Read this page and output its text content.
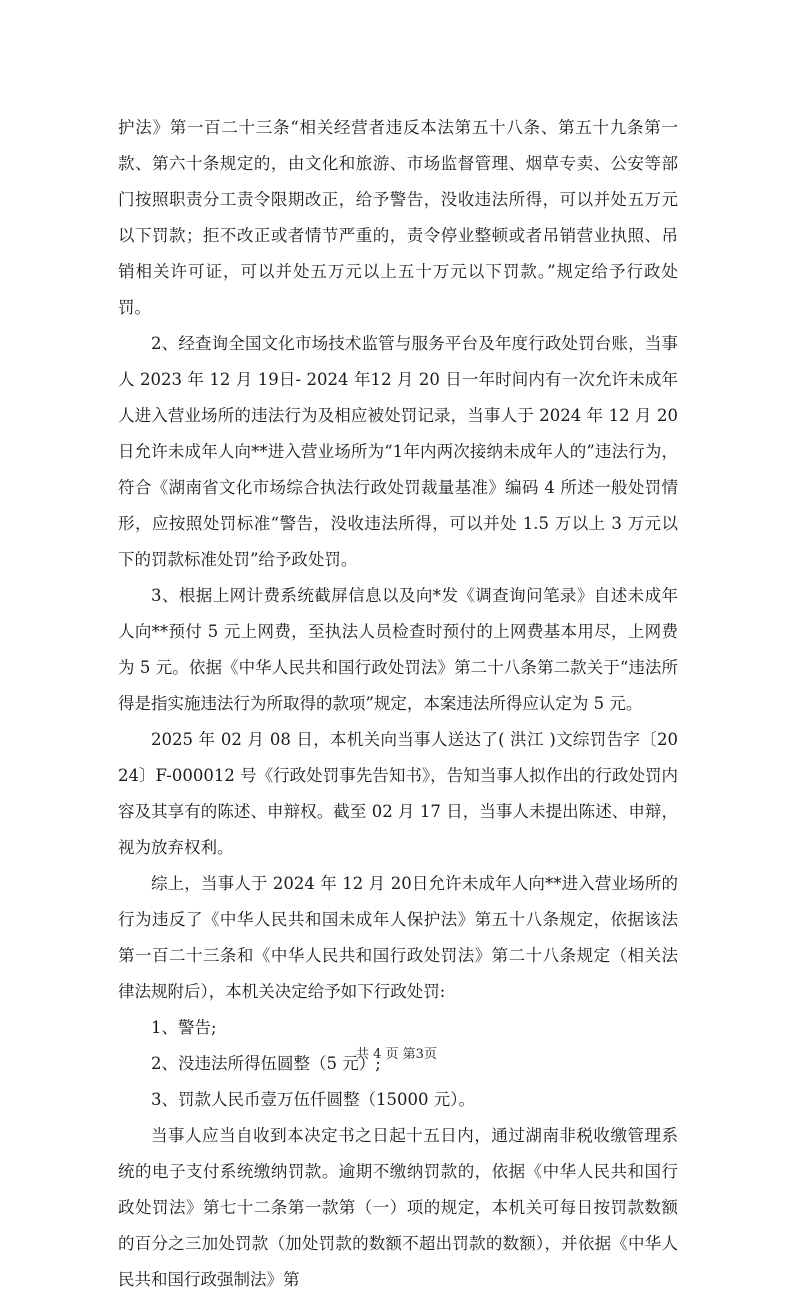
护法》第一百二十三条“相关经营者违反本法第五十八条、第五十九条第一款、第六十条规定的，由文化和旅游、市场监督管理、烟草专卖、公安等部门按照职责分工责令限期改正，给予警告，没收违法所得，可以并处五万元以下罚款；拒不改正或者情节严重的，责令停业整顿或者吊销营业执照、吊销相关许可证，可以并处五万元以上五十万元以下罚款。”规定给予行政处罚。

2、经查询全国文化市场技术监管与服务平台及年度行政处罚台账，当事人 2023 年 12 月 19日- 2024 年12 月 20 日一年时间内有一次允许未成年人进入营业场所的违法行为及相应被处罚记录，当事人于 2024 年 12 月 20 日允许未成年人向**进入营业场所为“1年内两次接纳未成年人的”违法行为，符合《湖南省文化市场综合执法行政处罚裁量基准》编码 4 所述一般处罚情形，应按照处罚标准“警告，没收违法所得，可以并处 1.5 万以上 3 万元以下的罚款标准处罚”给予政处罚。

3、根据上网计费系统截屏信息以及向*发《调查询问笔录》自述未成年人向**预付 5 元上网费，至执法人员检查时预付的上网费基本用尽，上网费为 5 元。依据《中华人民共和国行政处罚法》第二十八条第二款关于“违法所得是指实施违法行为所取得的款项”规定，本案违法所得应认定为 5 元。

2025 年 02 月 08 日，本机关向当事人送达了( 洪江 )文综罚告字〔2024〕F-000012 号《行政处罚事先告知书》，告知当事人拟作出的行政处罚内容及其享有的陈述、申辩权。截至 02 月 17 日，当事人未提出陈述、申辩，视为放弃权利。

综上，当事人于 2024 年 12 月 20日允许未成年人向**进入营业场所的行为违反了《中华人民共和国未成年人保护法》第五十八条规定，依据该法第一百二十三条和《中华人民共和国行政处罚法》第二十八条规定（相关法律法规附后），本机关决定给予如下行政处罚:

1、警告;

2、没违法所得伍圆整（5 元）;

3、罚款人民币壹万伍仟圆整（15000 元）。

当事人应当自收到本决定书之日起十五日内，通过湖南非税收缴管理系统的电子支付系统缴纳罚款。逾期不缴纳罚款的，依据《中华人民共和国行政处罚法》第七十二条第一款第（一）项的规定，本机关可每日按罚款数额的百分之三加处罚款（加处罚款的数额不超出罚款的数额），并依据《中华人民共和国行政强制法》第

共 4 页 第3页
